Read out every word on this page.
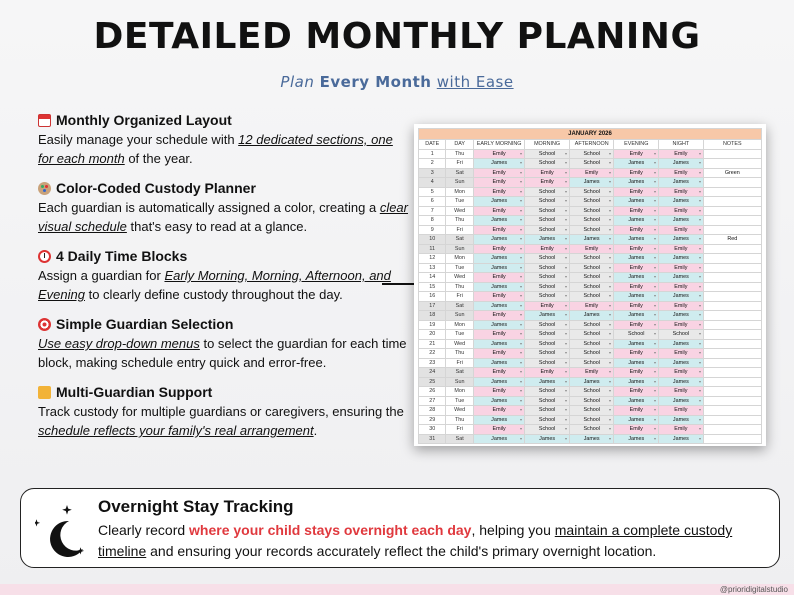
DETAILED MONTHLY PLANING
Plan Every Month with Ease
Monthly Organized Layout
Easily manage your schedule with 12 dedicated sections, one for each month of the year.
Color-Coded Custody Planner
Each guardian is automatically assigned a color, creating a clear visual schedule that's easy to read at a glance.
4 Daily Time Blocks
Assign a guardian for Early Morning, Morning, Afternoon, and Evening to clearly define custody throughout the day.
Simple Guardian Selection
Use easy drop-down menus to select the guardian for each time block, making schedule entry quick and error-free.
Multi-Guardian Support
Track custody for multiple guardians or caregivers, ensuring the schedule reflects your family's real arrangement.
JANUARY 2026							
DATE	DAY	EARLY MORNING	MORNING	AFTERNOON	EVENING	NIGHT	NOTES
1	Thu	Emily	School	School	Emily	Emily	
2	Fri	James	School	School	James	James	
3	Sat	Emily	Emily	Emily	Emily	Emily	Green
4	Sun	Emily	Emily	James	James	James	
5	Mon	Emily	School	School	Emily	Emily	
6	Tue	James	School	School	James	James	
7	Wed	Emily	School	School	Emily	Emily	
8	Thu	James	School	School	James	James	
9	Fri	Emily	School	School	Emily	Emily	
10	Sat	James	James	James	James	James	Red
11	Sun	Emily	Emily	Emily	Emily	Emily	
12	Mon	James	School	School	James	James	
13	Tue	James	School	School	Emily	Emily	
14	Wed	Emily	School	School	James	James	
15	Thu	James	School	School	Emily	Emily	
16	Fri	Emily	School	School	James	James	
17	Sat	James	Emily	Emily	Emily	Emily	
18	Sun	Emily	James	James	James	James	
19	Mon	James	School	School	Emily	Emily	
20	Tue	Emily	School	School	School	School	
21	Wed	James	School	School	James	James	
22	Thu	Emily	School	School	Emily	Emily	
23	Fri	James	School	School	James	James	
24	Sat	Emily	Emily	Emily	Emily	Emily	
25	Sun	James	James	James	James	James	
26	Mon	Emily	School	School	Emily	Emily	
27	Tue	James	School	School	James	James	
28	Wed	Emily	School	School	Emily	Emily	
29	Thu	James	School	School	James	James	
30	Fri	Emily	School	School	Emily	Emily	
31	Sat	James	James	James	James	James	
Overnight Stay Tracking
Clearly record where your child stays overnight each day, helping you maintain a complete custody timeline and ensuring your records accurately reflect the child's primary overnight location.
@prioridigitalstudio
